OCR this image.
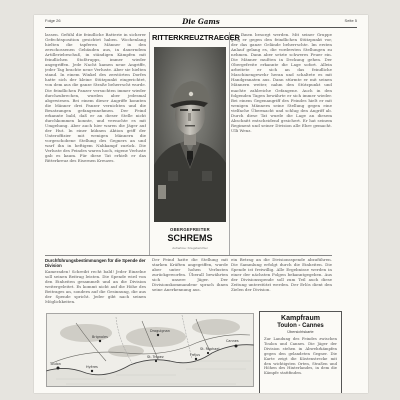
Folge 26	Die Gams	Seite 5
lassen. Gefühl die feindliche Batterie in sicherer Gefechtsposition gesichtet haben. Wochenlang hielten die tapferen Männer in den zerschossenen Gebäuden aus, in dauerndem Artilleriebeschuß, in ständigen Kämpfen mit feindlichen Stoßtrupps, immer wieder angegriffen. Jede Nacht kamen neue Angriffe, jeder Tag brachte neue Verluste. Aber sie hielten stand. In einem Winkel des zerstörten Dorfes hatte sich der kleine Stützpunkt eingerichtet, von dem aus die ganze Straße beherrscht wurde. Die feindlichen Panzer versuchten immer wieder durchzubrechen, wurden aber jedesmal abgewiesen. Bei einem dieser Angriffe konnten die Männer drei Panzer vernichten und die Besatzungen gefangennehmen. Der Feind erkannte bald, daß er an dieser Stelle nicht durchkommen konnte, und versuchte es mit Umgehung. Aber auch hier waren die Jäger auf der Hut. In einer kühnen Aktion griff der Unteroffizier mit wenigen Männern die vorgeschobene Stellung des Gegners an und warf ihn in heftigem Nahkampf zurück. Die Verluste des Feindes waren hoch, eigene Verluste gab es kaum. Für diese Tat erhielt er das Ritterkreuz des Eisernen Kreuzes.
RITTERKREUZTRAEGER
OBERGEFREITER
SCHREMS
Aufnahme: Kriegsberichter
von Ihnen besorgt werden. Mit seiner Gruppe ging er gegen den feindlichen Stützpunkt vor, der das ganze Gelände beherrschte. Im ersten Anlauf gelang es, die vordersten Stellungen zu nehmen. Dann aber setzte schweres Feuer ein. Die Männer mußten in Deckung gehen. Der Obergefreite erkannte die Lage sofort. Allein arbeitete er sich an das feindliche Maschinengewehr heran und schaltete es mit Handgranaten aus. Dann stürmte er mit seinen Männern weiter, nahm den Stützpunkt und machte zahlreiche Gefangene. Auch in den folgenden Tagen bewährte er sich immer wieder. Bei einem Gegenangriff des Feindes hielt er mit wenigen Männern seine Stellung gegen eine vielfache Übermacht und schlug den Angriff ab. Durch diese Tat wurde die Lage an diesem Abschnitt entscheidend gesichert. Er hat seinem Regiment und seiner Division alle Ehre gemacht. Ulli Wenz.
Durchführungsbestimmungen für die Spende der Division
Kameraden! Schreibt recht bald! Jeder Einzelne soll seinen Beitrag leisten. Die Spende wird von den Einheiten gesammelt und an die Division weitergeleitet. Es kommt nicht auf die Höhe des Beitrages an, sondern auf die Gesinnung, die aus der Spende spricht. Jeder gibt nach seinen Möglichkeiten.
Der Feind hatte die Stellung mit starken Kräften angegriffen, wurde aber unter hohen Verlusten zurückgeworfen. Überall bewährten sich unsere Jäger. Der Divisionskommandeur sprach ihnen seine Anerkennung aus.
ein Betrag an die Divisionsspende abzuführen. Die Sammlung erfolgt durch die Einheiten. Die Spende ist freiwillig. Alle Ergebnisse werden in einer der nächsten Folgen bekanntgegeben. Aus der Divisionsspende soll zum Teil auch diese Zeitung unterstützt werden. Der Erlös dient den Zielen der Division.
Toulon
Hyères
Cannes
Fréjus
Draguignan
Brignoles
St. Tropez
St. Raphael
Kampfraum
Toulon - Cannes
Übersichtskarte
Zur Landung des Feindes zwischen Toulon und Cannes. Die Jäger der Division stehen in Abwehrkämpfen gegen den gelandeten Gegner. Die Karte zeigt die Küstenstrecke mit den wichtigsten Orten, Straßen und Höhen des Hinterlandes, in dem die Kämpfe stattfinden.
